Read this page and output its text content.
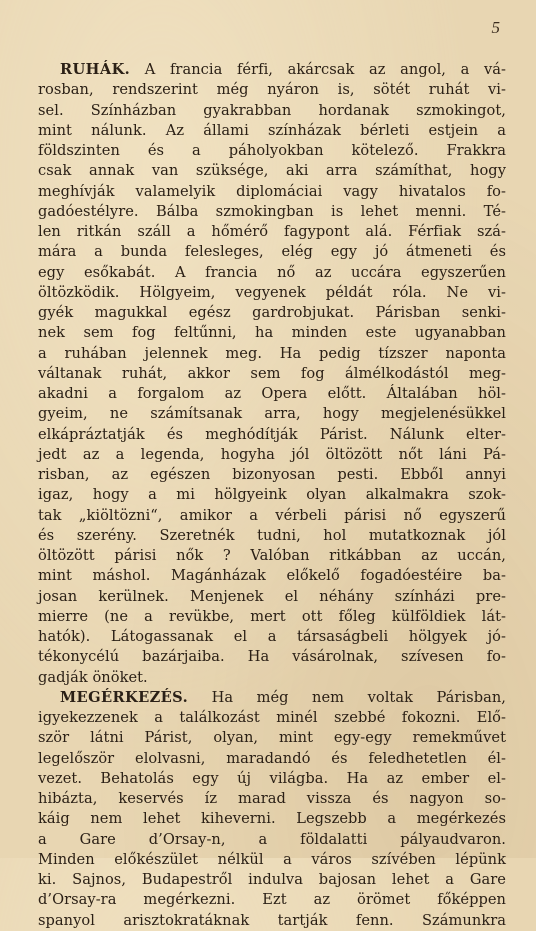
5
RUHÁK. A francia férfi, akárcsak az angol, a vá-
rosban, rendszerint még nyáron is, sötét ruhát vi-
sel. Színházban gyakrabban hordanak szmokingot,
mint nálunk. Az állami színházak bérleti estjein a
földszinten és a páholyokban kötelező. Frakkra
csak annak van szüksége, aki arra számíthat, hogy
meghívják valamelyik diplomáciai vagy hivatalos fo-
gadóestélyre. Bálba szmokingban is lehet menni. Té-
len ritkán száll a hőmérő fagypont alá. Férfiak szá-
mára a bunda felesleges, elég egy jó átmeneti és
egy esőkabát. A francia nő az uccára egyszerűen
öltözködik. Hölgyeim, vegyenek példát róla. Ne vi-
gyék magukkal egész gardrobjukat. Párisban senki-
nek sem fog feltűnni, ha minden este ugyanabban
a ruhában jelennek meg. Ha pedig tízszer naponta
váltanak ruhát, akkor sem fog álmélkodástól meg-
akadni a forgalom az Opera előtt. Általában höl-
gyeim, ne számítsanak arra, hogy megjelenésükkel
elkápráztatják és meghódítják Párist. Nálunk elter-
jedt az a legenda, hogyha jól öltözött nőt láni Pá-
risban, az egészen bizonyosan pesti. Ebből annyi
igaz, hogy a mi hölgyeink olyan alkalmakra szok-
tak „kiöltözni“, amikor a vérbeli párisi nő egyszerű
és szerény. Szeretnék tudni, hol mutatkoznak jól
öltözött párisi nők ? Valóban ritkábban az uccán,
mint máshol. Magánházak előkelő fogadóestéire ba-
josan kerülnek. Menjenek el néhány színházi pre-
mierre (ne a revükbe, mert ott főleg külföldiek lát-
hatók). Látogassanak el a társaságbeli hölgyek jó-
tékonycélú bazárjaiba. Ha vásárolnak, szívesen fo-
gadják önöket.
MEGÉRKEZÉS. Ha még nem voltak Párisban,
igyekezzenek a találkozást minél szebbé fokozni. Elő-
ször látni Párist, olyan, mint egy-egy remekművet
legelőször elolvasni, maradandó és feledhetetlen él-
vezet. Behatolás egy új világba. Ha az ember el-
hibázta, keservés íz marad vissza és nagyon so-
káig nem lehet kiheverni. Legszebb a megérkezés
a Gare d’Orsay-n, a földalatti pályaudvaron.
Minden előkészület nélkül a város szívében lépünk
ki. Sajnos, Budapestről indulva bajosan lehet a Gare
d’Orsay-ra megérkezni. Ezt az örömet főképpen
spanyol arisztokratáknak tartják fenn. Számunkra
